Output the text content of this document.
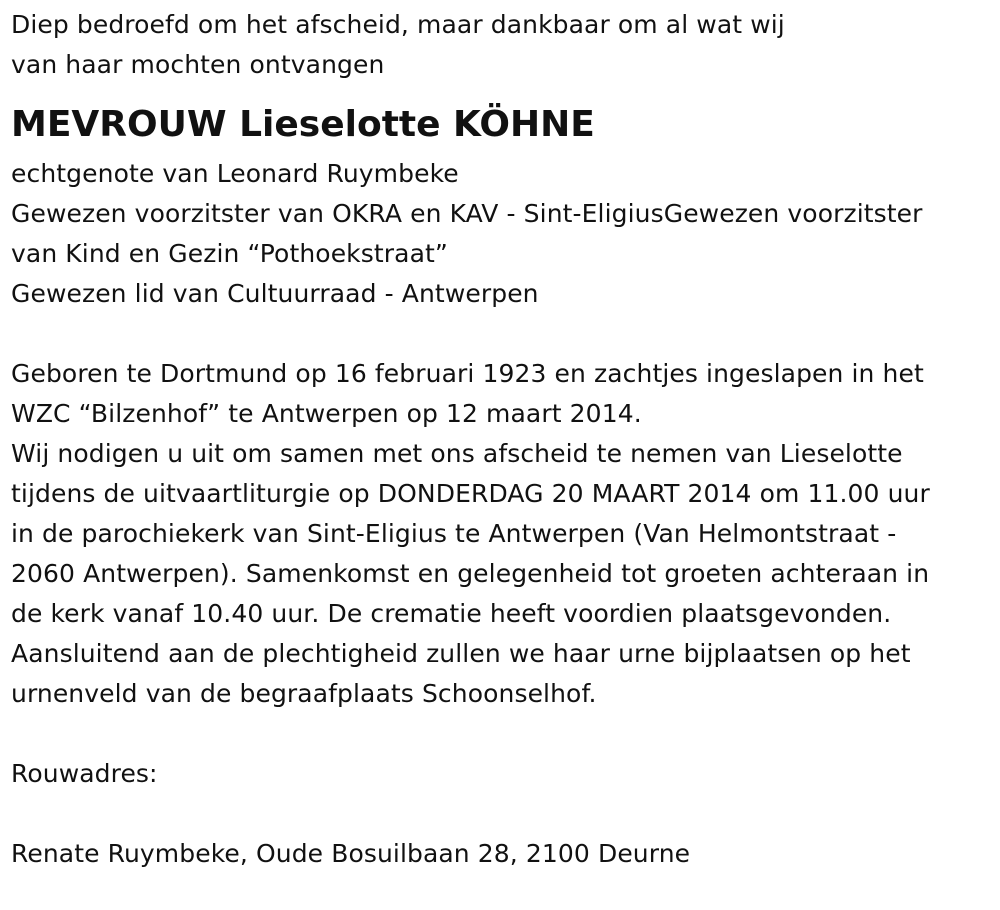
Diep bedroefd om het afscheid, maar dankbaar om al wat wij
van haar mochten ontvangen
MEVROUW Lieselotte KÖHNE
echtgenote van Leonard Ruymbeke
Gewezen voorzitster van OKRA en KAV - Sint-EligiusGewezen voorzitster
van Kind en Gezin “Pothoekstraat”
Gewezen lid van Cultuurraad - Antwerpen
Geboren te Dortmund op 16 februari 1923 en zachtjes ingeslapen in het
WZC “Bilzenhof” te Antwerpen op 12 maart 2014.
Wij nodigen u uit om samen met ons afscheid te nemen van Lieselotte
tijdens de uitvaartliturgie op DONDERDAG 20 MAART 2014 om 11.00 uur
in de parochiekerk van Sint-Eligius te Antwerpen (Van Helmontstraat -
2060 Antwerpen). Samenkomst en gelegenheid tot groeten achteraan in
de kerk vanaf 10.40 uur. De crematie heeft voordien plaatsgevonden.
Aansluitend aan de plechtigheid zullen we haar urne bijplaatsen op het
urnenveld van de begraafplaats Schoonselhof.
Rouwadres:
Renate Ruymbeke, Oude Bosuilbaan 28, 2100 Deurne
